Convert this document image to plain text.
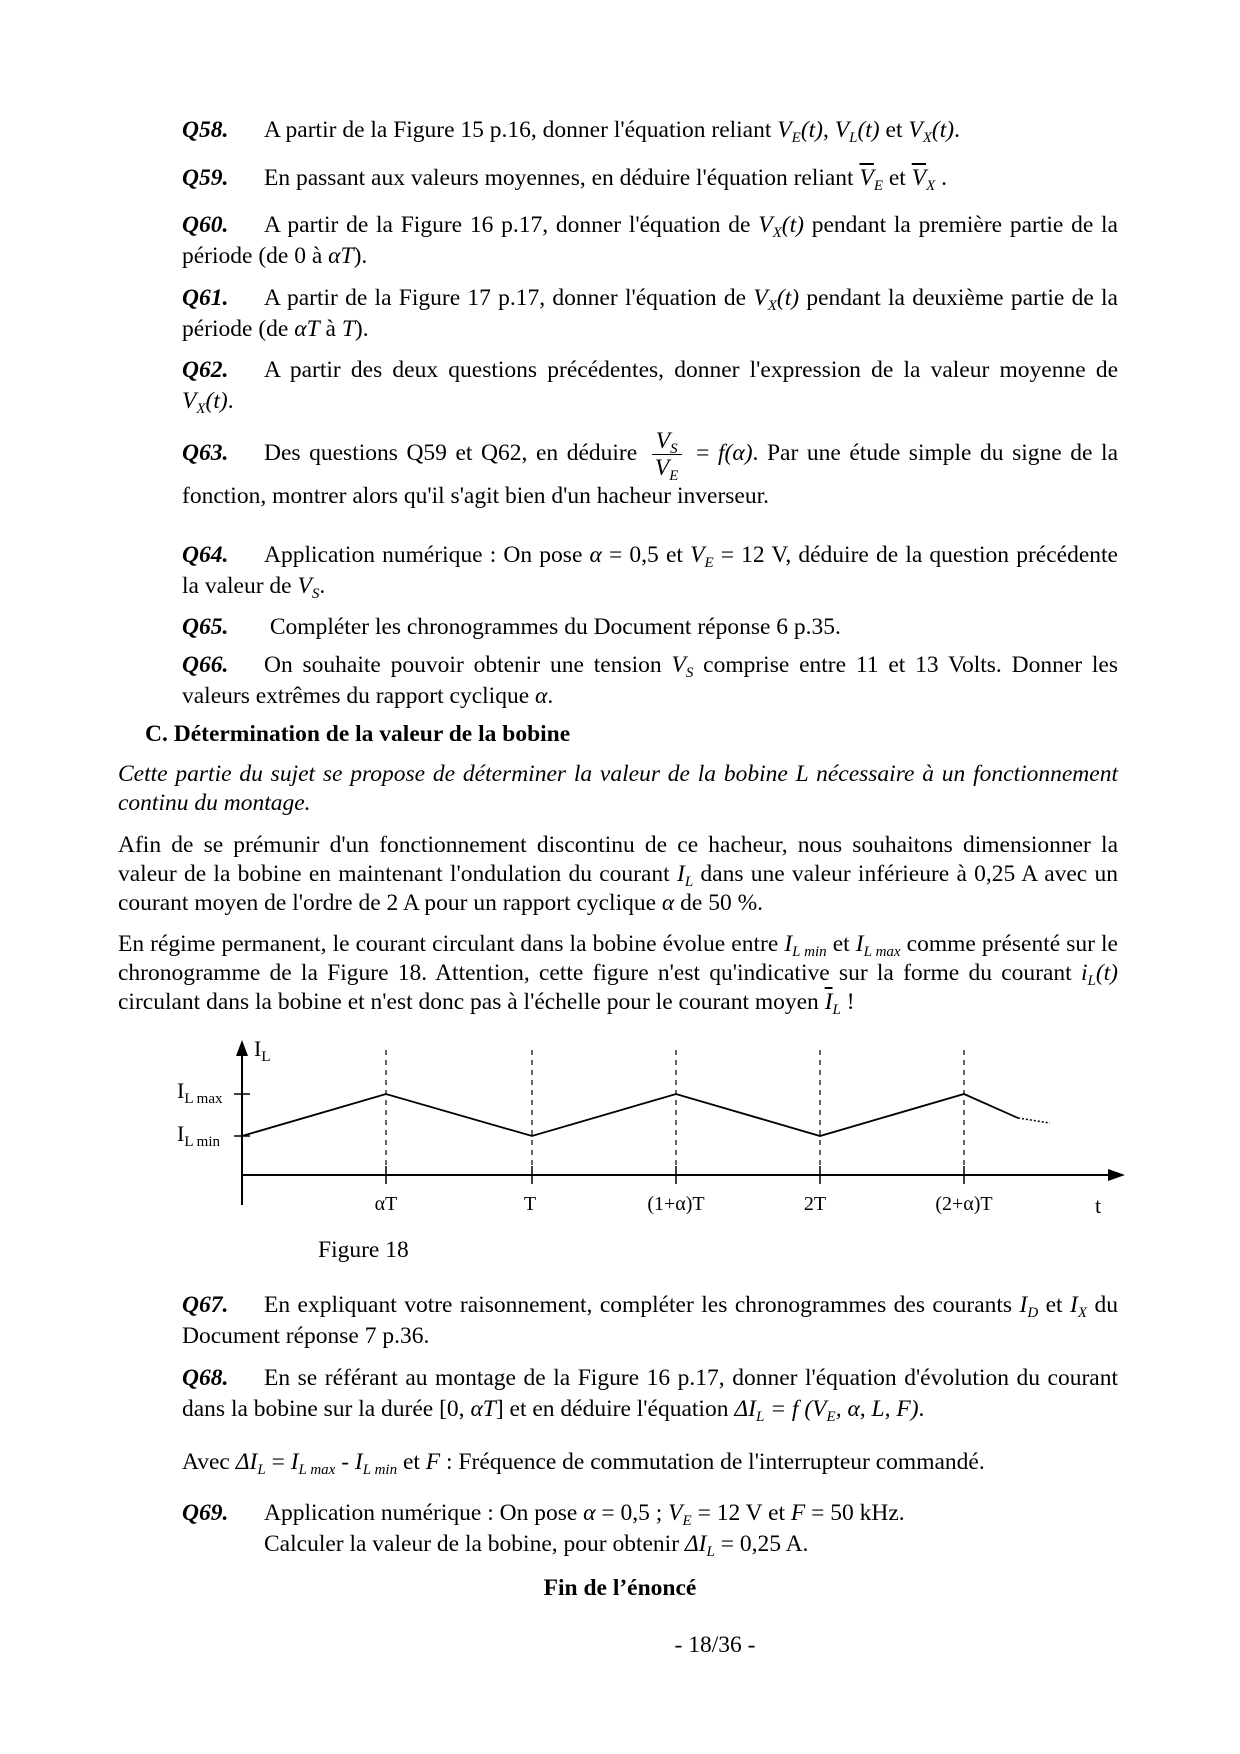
Q58. A partir de la Figure 15 p.16, donner l'équation reliant $V_E(t)$, $V_L(t)$ et $V_X(t)$.
Q59. En passant aux valeurs moyennes, en déduire l'équation reliant $\overline{V}_E$ et $\overline{V}_X$ .
Q60. A partir de la Figure 16 p.17, donner l'équation de $V_X(t)$ pendant la première partie de la période (de 0 à αT).
Q61. A partir de la Figure 17 p.17, donner l'équation de $V_X(t)$ pendant la deuxième partie de la période (de αT à T).
Q62. A partir des deux questions précédentes, donner l'expression de la valeur moyenne de $V_X(t)$.
Q63. Des questions Q59 et Q62, en déduire $\frac{V_S}{V_E} = f(\alpha)$. Par une étude simple du signe de la fonction, montrer alors qu'il s'agit bien d'un hacheur inverseur.
Q64. Application numérique : On pose α = 0,5 et $V_E = 12$ V, déduire de la question précédente la valeur de $V_S$.
Q65. Compléter les chronogrammes du Document réponse 6 p.35.
Q66. On souhaite pouvoir obtenir une tension $V_S$ comprise entre 11 et 13 Volts. Donner les valeurs extrêmes du rapport cyclique α.
C. Détermination de la valeur de la bobine
Cette partie du sujet se propose de déterminer la valeur de la bobine L nécessaire à un fonctionnement continu du montage.
Afin de se prémunir d'un fonctionnement discontinu de ce hacheur, nous souhaitons dimensionner la valeur de la bobine en maintenant l'ondulation du courant $I_L$ dans une valeur inférieure à 0,25 A avec un courant moyen de l'ordre de 2 A pour un rapport cyclique α de 50 %.
En régime permanent, le courant circulant dans la bobine évolue entre $I_{L min}$ et $I_{L max}$ comme présenté sur le chronogramme de la Figure 18. Attention, cette figure n'est qu'indicative sur la forme du courant $i_L(t)$ circulant dans la bobine et n'est donc pas à l'échelle pour le courant moyen $\overline{I}_L$ !
$I_L$
$I_{L max}$
$I_{L min}$
αT	T	(1+α)T	2T	(2+α)T	t
Figure 18
Q67. En expliquant votre raisonnement, compléter les chronogrammes des courants $I_D$ et $I_X$ du Document réponse 7 p.36.
Q68. En se référant au montage de la Figure 16 p.17, donner l'équation d'évolution du courant dans la bobine sur la durée [0, αT] et en déduire l'équation $\Delta I_L = f$ ($V_E$, α, L, F).
Avec $\Delta I_L = I_{L max} - I_{L min}$ et F : Fréquence de commutation de l'interrupteur commandé.
Q69. Application numérique : On pose α = 0,5 ; $V_E = 12$ V et F = 50 kHz.
Calculer la valeur de la bobine, pour obtenir $\Delta I_L = 0,25$ A.
Fin de l’énoncé
- 18/36 -
